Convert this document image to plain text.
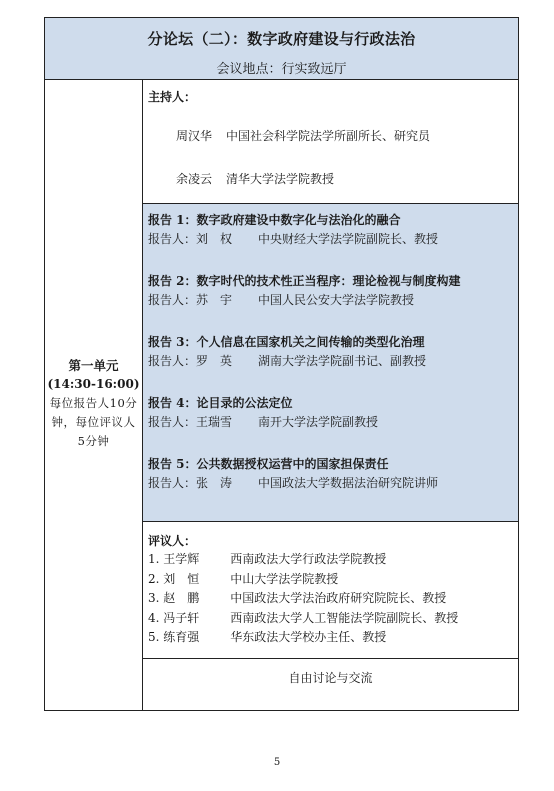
分论坛（二）：数字政府建设与行政法治
会议地点：行实致远厅
第一单元
(14:30-16:00)
每位报告人10分钟，每位评议人5分钟
主持人：
周汉华 中国社会科学院法学所副所长、研究员
余凌云 清华大学法学院教授
报告 1：数字政府建设中数字化与法治化的融合
报告人：刘　权 中央财经大学法学院副院长、教授
报告 2：数字时代的技术性正当程序：理论检视与制度构建
报告人：苏　宇 中国人民公安大学法学院教授
报告 3：个人信息在国家机关之间传输的类型化治理
报告人：罗　英 湖南大学法学院副书记、副教授
报告 4：论目录的公法定位
报告人：王瑞雪 南开大学法学院副教授
报告 5：公共数据授权运营中的国家担保责任
报告人：张　涛 中国政法大学数据法治研究院讲师
评议人：
1. 王学辉	西南政法大学行政法学院教授
2. 刘　恒	中山大学法学院教授
3. 赵　鹏	中国政法大学法治政府研究院院长、教授
4. 冯子轩	西南政法大学人工智能法学院副院长、教授
5. 练育强	华东政法大学校办主任、教授
自由讨论与交流
5
